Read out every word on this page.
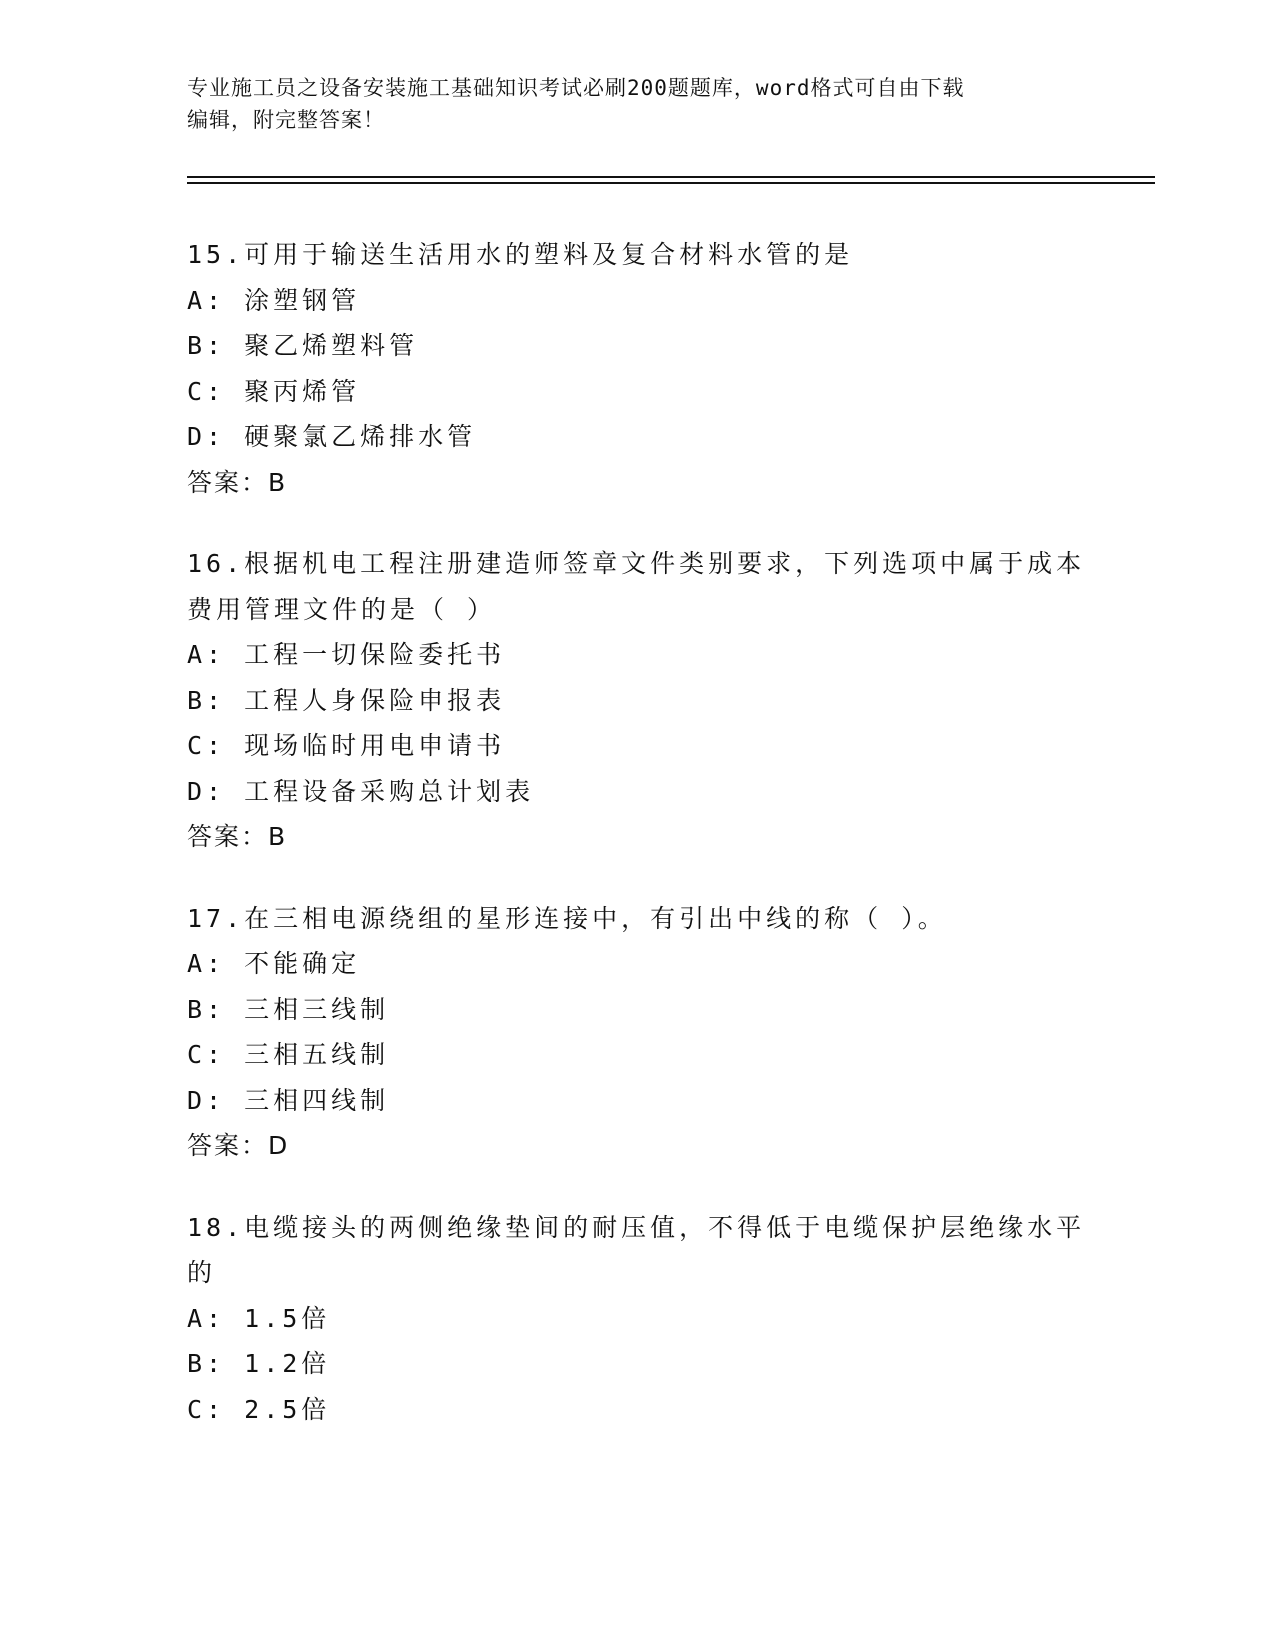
专业施工员之设备安装施工基础知识考试必刷200题题库，word格式可自由下载
编辑，附完整答案！
15.可用于输送生活用水的塑料及复合材料水管的是
A: 涂塑钢管
B: 聚乙烯塑料管
C: 聚丙烯管
D: 硬聚氯乙烯排水管
答案：B
16.根据机电工程注册建造师签章文件类别要求，下列选项中属于成本费用管理文件的是（ ）
A: 工程一切保险委托书
B: 工程人身保险申报表
C: 现场临时用电申请书
D: 工程设备采购总计划表
答案：B
17.在三相电源绕组的星形连接中，有引出中线的称（ ）。
A: 不能确定
B: 三相三线制
C: 三相五线制
D: 三相四线制
答案：D
18.电缆接头的两侧绝缘垫间的耐压值，不得低于电缆保护层绝缘水平的
A: 1.5倍
B: 1.2倍
C: 2.5倍
